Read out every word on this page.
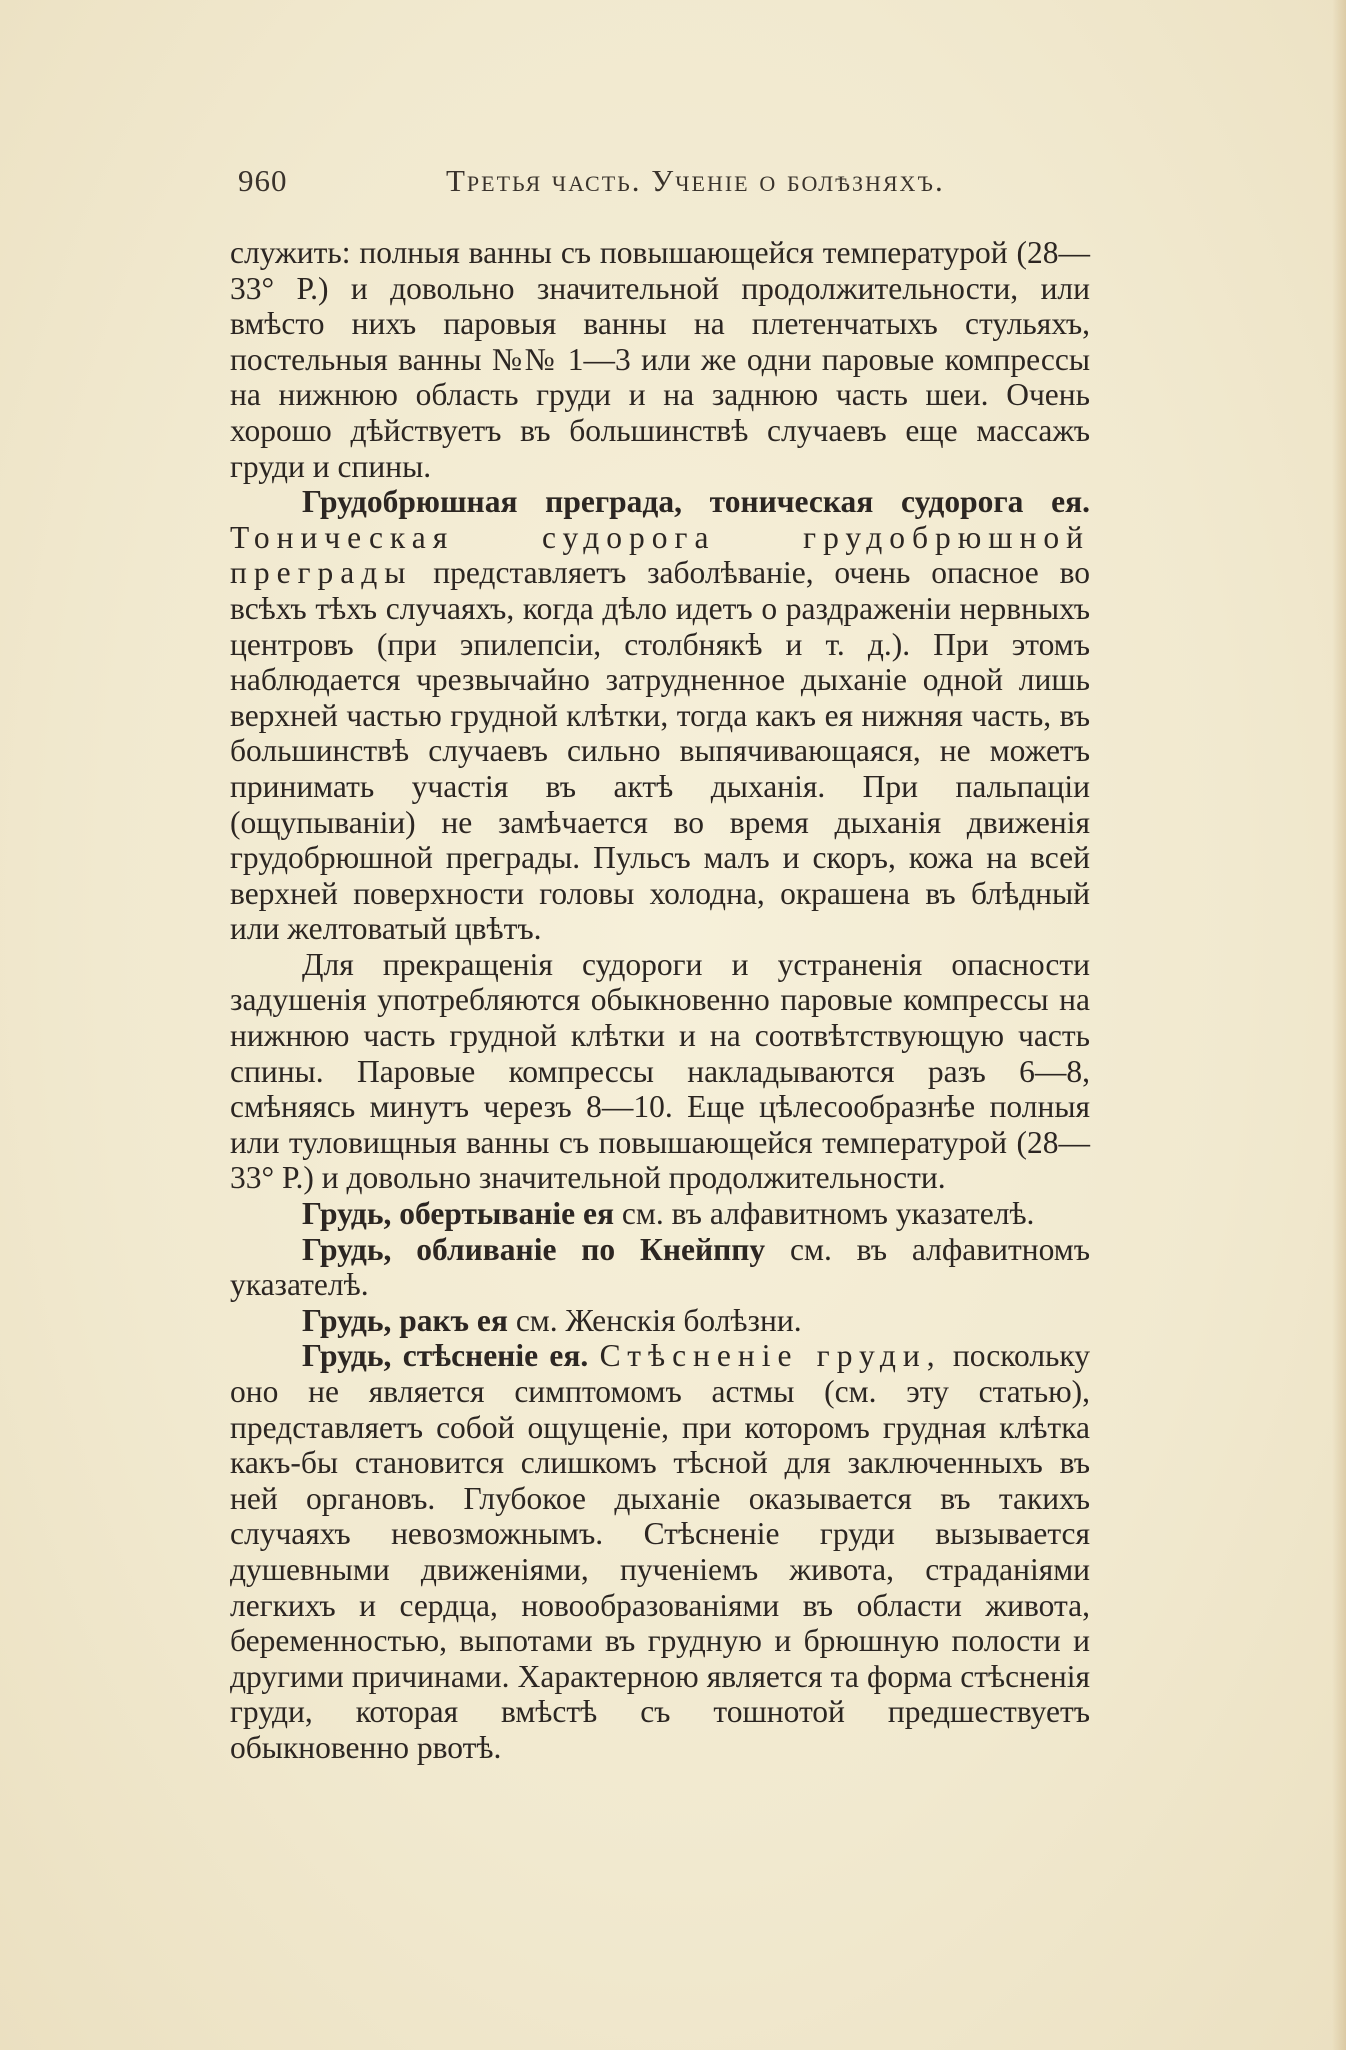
960	Третья часть. Ученіе о болѣзняхъ.

служить: полныя ванны съ повышающейся температурой (28—33° Р.) и довольно значительной продолжительности, или вмѣсто нихъ паровыя ванны на плетенчатыхъ стульяхъ, постельныя ванны №№ 1—3 или же одни паровые компрессы на нижнюю область груди и на заднюю часть шеи. Очень хорошо дѣйствуетъ въ большинствѣ случаевъ еще массажъ груди и спины.

Грудобрюшная преграда, тоническая судорога ея. Тоническая судорога грудобрюшной преграды представляетъ заболѣваніе, очень опасное во всѣхъ тѣхъ случаяхъ, когда дѣло идетъ о раздраженіи нервныхъ центровъ (при эпилепсіи, столбнякѣ и т. д.). При этомъ наблюдается чрезвычайно затрудненное дыханіе одной лишь верхней частью грудной клѣтки, тогда какъ ея нижняя часть, въ большинствѣ случаевъ сильно выпячивающаяся, не можетъ принимать участія въ актѣ дыханія. При пальпаціи (ощупываніи) не замѣчается во время дыханія движенія грудобрюшной преграды. Пульсъ малъ и скоръ, кожа на всей верхней поверхности головы холодна, окрашена въ блѣдный или желтоватый цвѣтъ.

Для прекращенія судороги и устраненія опасности задушенія употребляются обыкновенно паровые компрессы на нижнюю часть грудной клѣтки и на соотвѣтствующую часть спины. Паровые компрессы накладываются разъ 6—8, смѣняясь минутъ черезъ 8—10. Еще цѣлесообразнѣе полныя или туловищныя ванны съ повышающейся температурой (28—33° Р.) и довольно значительной продолжительности.

Грудь, обертываніе ея см. въ алфавитномъ указателѣ.

Грудь, обливаніе по Кнейппу см. въ алфавитномъ указателѣ.

Грудь, ракъ ея см. Женскія болѣзни.

Грудь, стѣсненіе ея. Стѣсненіе груди, поскольку оно не является симптомомъ астмы (см. эту статью), представляетъ собой ощущеніе, при которомъ грудная клѣтка какъ-бы становится слишкомъ тѣсной для заключенныхъ въ ней органовъ. Глубокое дыханіе оказывается въ такихъ случаяхъ невозможнымъ. Стѣсненіе груди вызывается душевными движеніями, пученіемъ живота, страданіями легкихъ и сердца, новообразованіями въ области живота, беременностью, выпотами въ грудную и брюшную полости и другими причинами. Характерною является та форма стѣсненія груди, которая вмѣстѣ съ тошнотой предшествуетъ обыкновенно рвотѣ.
